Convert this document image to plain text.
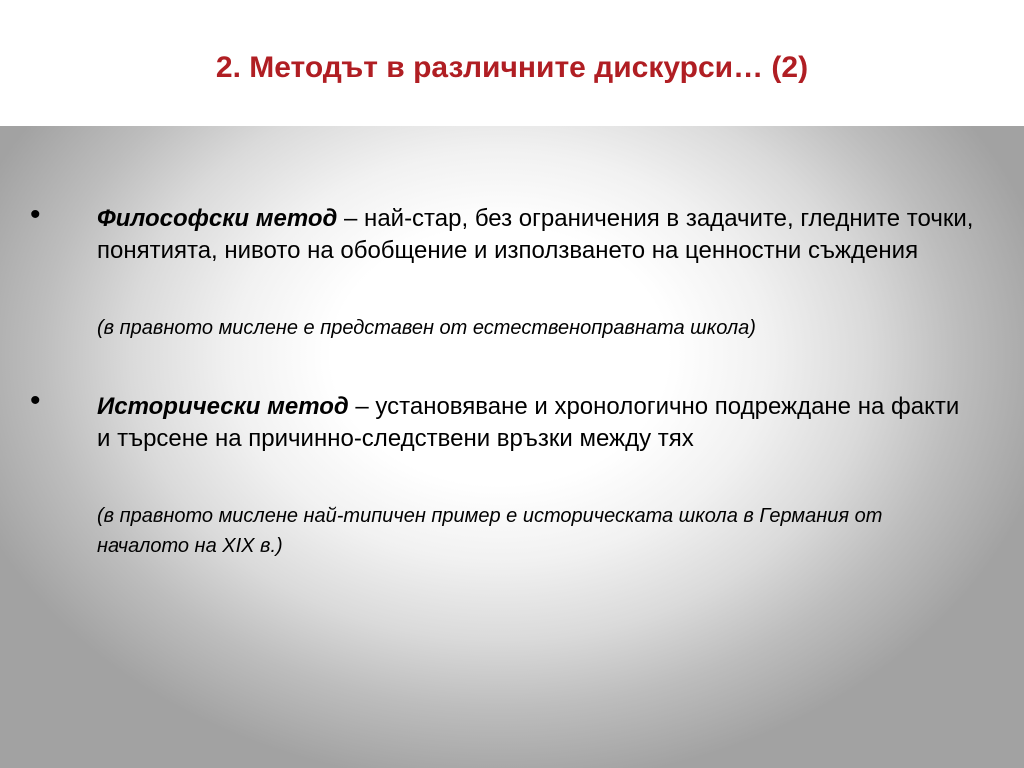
2. Методът в различните дискурси… (2)
• Философски метод – най-стар, без ограничения в задачите, гледните точки, понятията, нивото на обобщение и използването на ценностни съждения
(в правното мислене е представен от естественоправната школа)
• Исторически метод – установяване и хронологично подреждане на факти и търсене на причинно-следствени връзки между тях
(в правното мислене най-типичен пример е историческата школа в Германия от началото на XIX в.)
